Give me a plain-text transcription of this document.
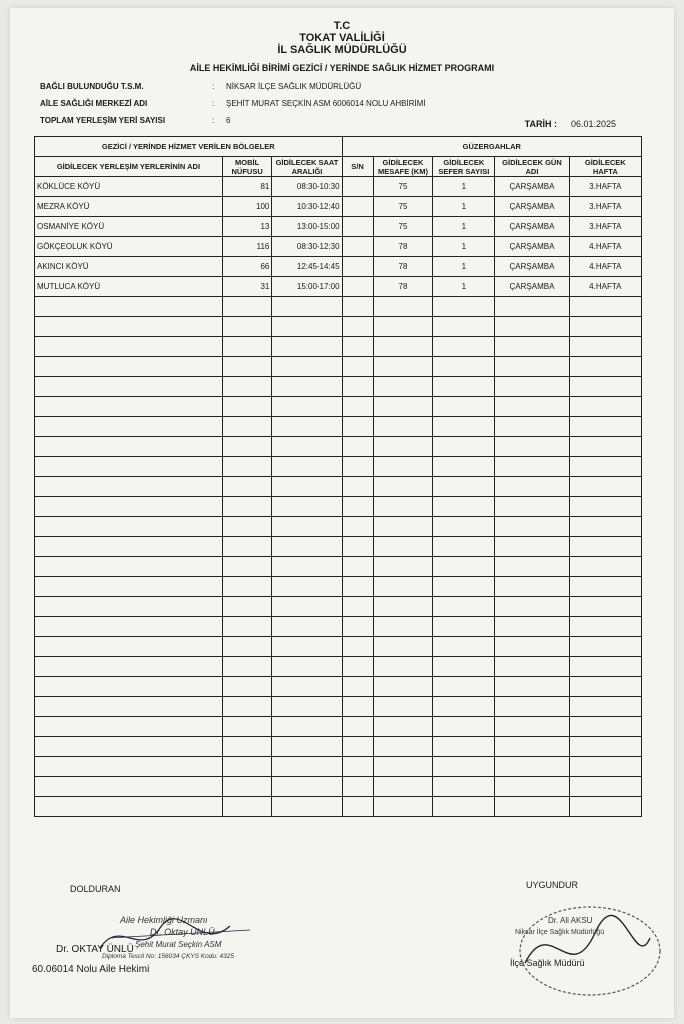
T.C
TOKAT VALİLİĞİ
İL SAĞLIK MÜDÜRLÜĞÜ
AİLE HEKİMLİĞİ BİRİMİ GEZİCİ / YERİNDE SAĞLIK HİZMET PROGRAMI
BAĞLI BULUNDUĞU T.S.M.	: NİKSAR İLÇE SAĞLIK MÜDÜRLÜĞÜ
AİLE SAĞLIĞI MERKEZİ ADI	: ŞEHİT MURAT SEÇKİN ASM 6006014 NOLU AHBİRİMİ
TOPLAM YERLEŞİM YERİ SAYISI	: 6	TARİH : 06.01.2025
GEZİCİ / YERİNDE HİZMET VERİLEN BÖLGELER			GÜZERGAHLAR				
GİDİLECEK YERLEŞİM YERLERİNİN ADI	MOBİL NÜFUSU	GİDİLECEK SAAT ARALIĞI	S/N	GİDİLECEK MESAFE (KM)	GİDİLECEK SEFER SAYISI	GİDİLECEK GÜN ADI	GİDİLECEK HAFTA
KÖKLÜCE KÖYÜ	81	08:30-10:30		75	1	ÇARŞAMBA	3.HAFTA
MEZRA KÖYÜ	100	10:30-12:40		75	1	ÇARŞAMBA	3.HAFTA
OSMANİYE KÖYÜ	13	13:00-15:00		75	1	ÇARŞAMBA	3.HAFTA
GÖKÇEOLUK KÖYÜ	116	08:30-12:30		78	1	ÇARŞAMBA	4.HAFTA
AKINCI KÖYÜ	66	12:45-14:45		78	1	ÇARŞAMBA	4.HAFTA
MUTLUCA KÖYÜ	31	15:00-17:00		78	1	ÇARŞAMBA	4.HAFTA

DOLDURAN	UYGUNDUR
Aile Hekimliği Uzmanı
Dr. Oktay ÜNLÜ
Şehit Murat Seçkin ASM
Diploma Tescil No: 156034 ÇKYS Kodu: 4325
Dr. OKTAY ÜNLÜ
60.06014 Nolu Aile Hekimi
Dr. Ali AKSU
Niksar İlçe Sağlık Müdürlüğü
İlçe Sağlık Müdürü
